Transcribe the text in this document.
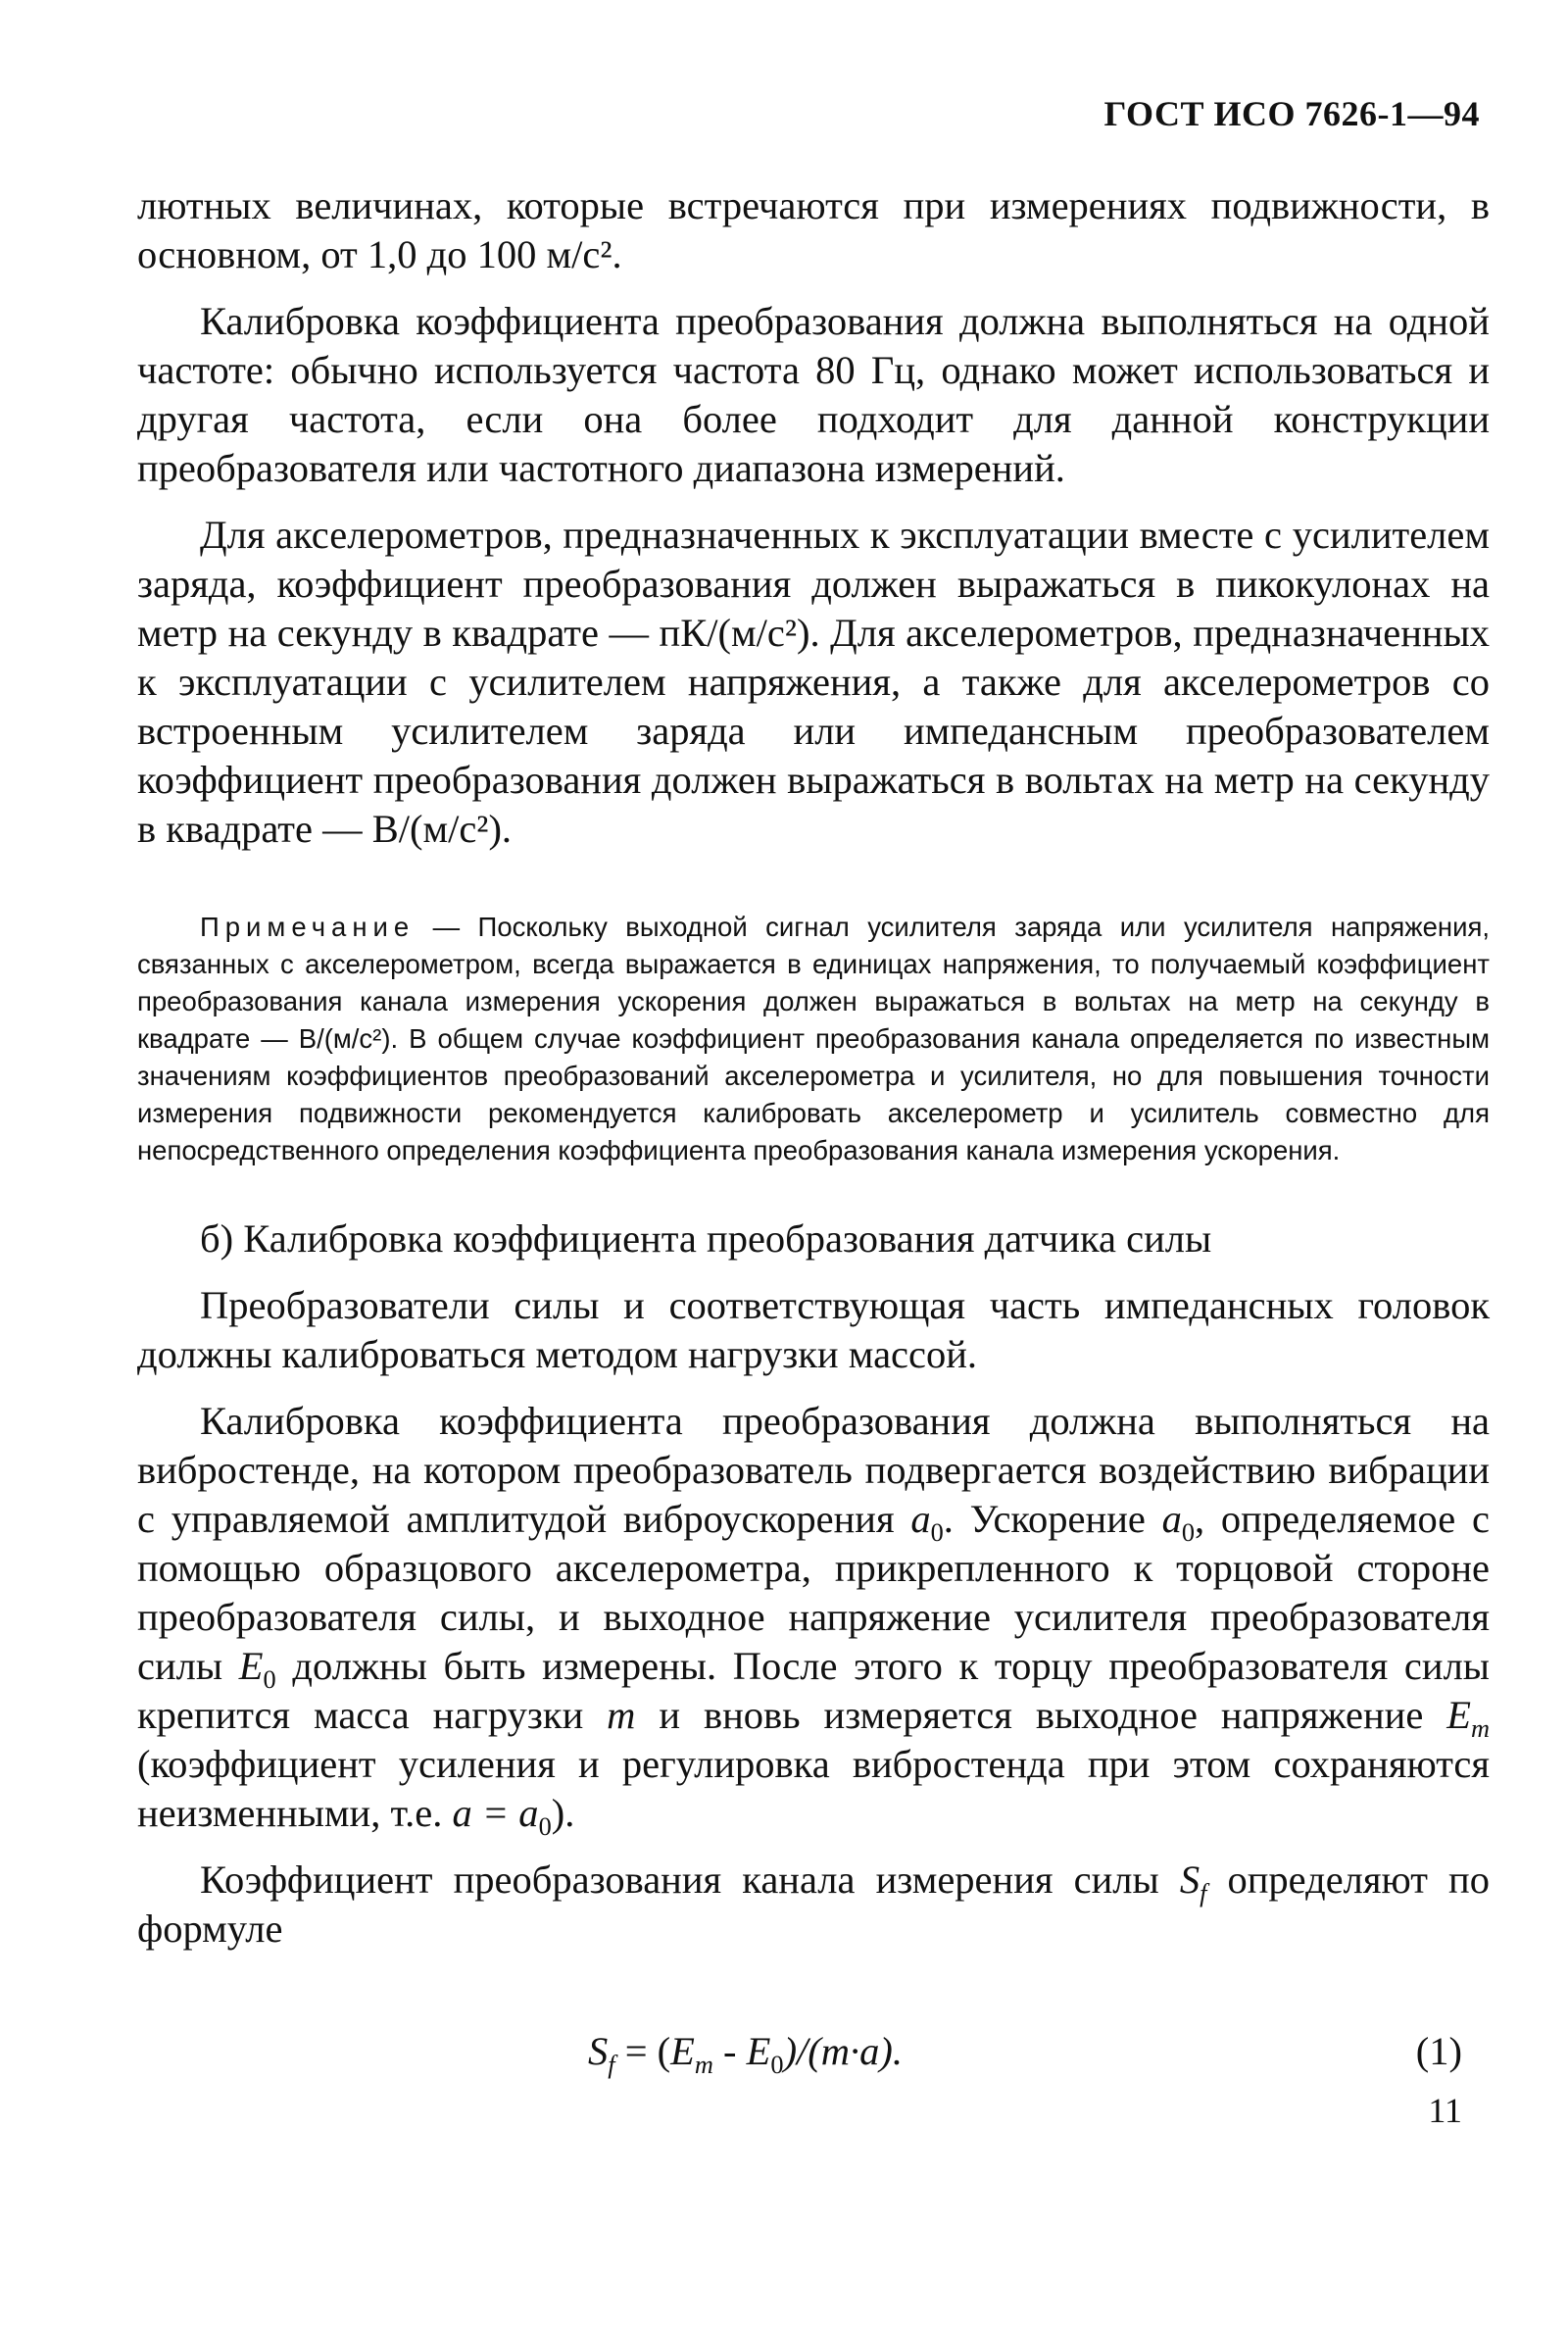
ГОСТ ИСО 7626-1—94

лютных величинах, которые встречаются при измерениях подвижности, в основном, от 1,0 до 100 м/с².

Калибровка коэффициента преобразования должна выполняться на одной частоте: обычно используется частота 80 Гц, однако может использоваться и другая частота, если она более подходит для данной конструкции преобразователя или частотного диапазона измерений.

Для акселерометров, предназначенных к эксплуатации вместе с усилителем заряда, коэффициент преобразования должен выражаться в пикокулонах на метр на секунду в квадрате — пК/(м/с²). Для акселерометров, предназначенных к эксплуатации с усилителем напряжения, а также для акселерометров со встроенным усилителем заряда или импедансным преобразователем коэффициент преобразования должен выражаться в вольтах на метр на секунду в квадрате — В/(м/с²).

Примечание — Поскольку выходной сигнал усилителя заряда или усилителя напряжения, связанных с акселерометром, всегда выражается в единицах напряжения, то получаемый коэффициент преобразования канала измерения ускорения должен выражаться в вольтах на метр на секунду в квадрате — В/(м/с²). В общем случае коэффициент преобразования канала определяется по известным значениям коэффициентов преобразований акселерометра и усилителя, но для повышения точности измерения подвижности рекомендуется калибровать акселерометр и усилитель совместно для непосредственного определения коэффициента преобразования канала измерения ускорения.

б) Калибровка коэффициента преобразования датчика силы

Преобразователи силы и соответствующая часть импедансных головок должны калиброваться методом нагрузки массой.

Калибровка коэффициента преобразования должна выполняться на вибростенде, на котором преобразователь подвергается воздействию вибрации с управляемой амплитудой виброускорения $a_0$. Ускорение $a_0$, определяемое с помощью образцового акселерометра, прикрепленного к торцовой стороне преобразователя силы, и выходное напряжение усилителя преобразователя силы $E_0$ должны быть измерены. После этого к торцу преобразователя силы крепится масса нагрузки m и вновь измеряется выходное напряжение $E_m$ (коэффициент усиления и регулировка вибростенда при этом сохраняются неизменными, т.е. $a = a_0$).

Коэффициент преобразования канала измерения силы $S_f$ определяют по формуле

$S_f = (E_m - E_0)/(m\cdot a)$.	(1)
11
